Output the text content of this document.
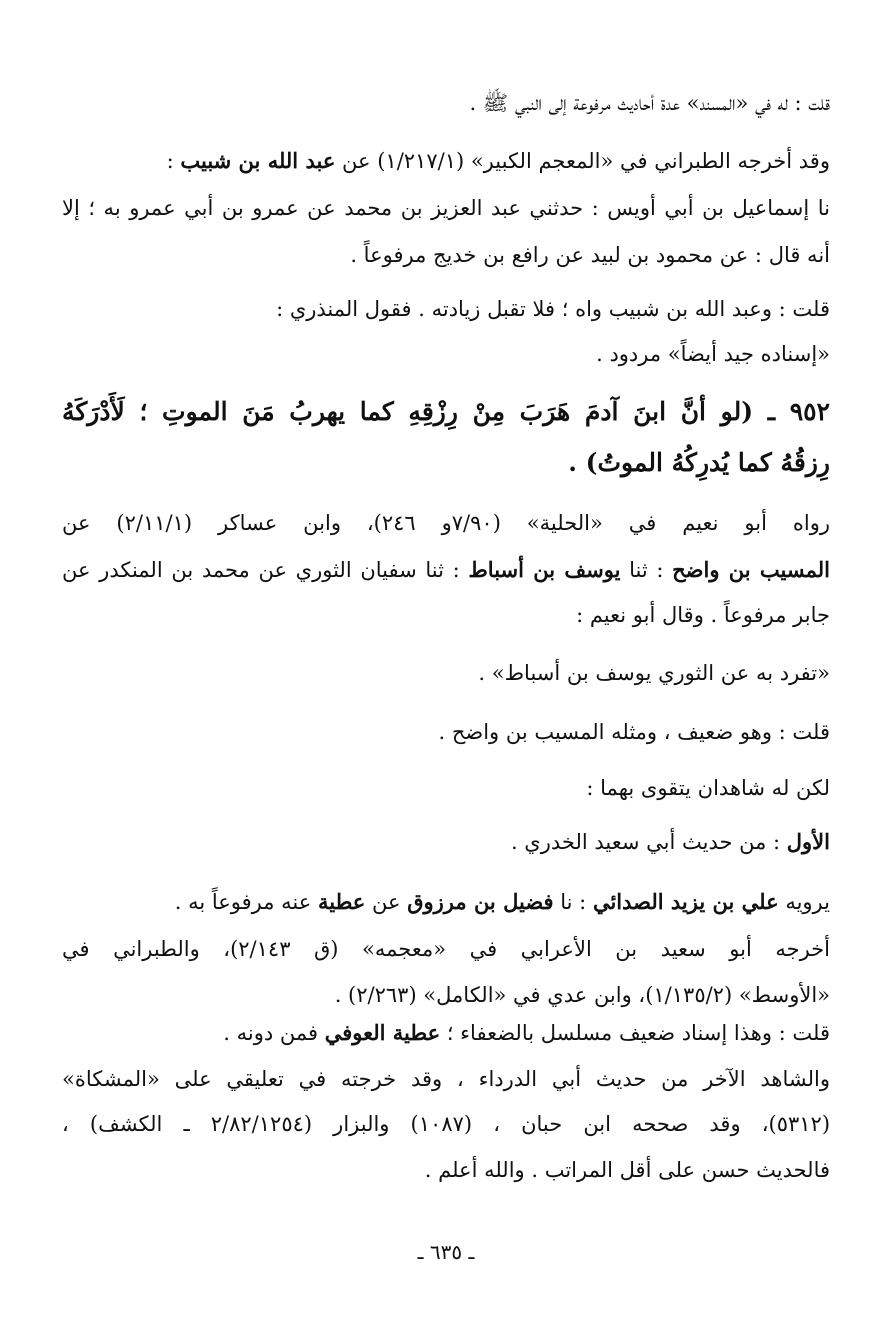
قلت : له في «المسند» عدة أحاديث مرفوعة إلى النبي ﷺ .
وقد أخرجه الطبراني في «المعجم الكبير» (١/٢١٧/١) عن عبد الله بن شبيب :
نا إسماعيل بن أبي أويس : حدثني عبد العزيز بن محمد عن عمرو بن أبي عمرو به ؛ إلا
أنه قال : عن محمود بن لبيد عن رافع بن خديج مرفوعاً .
قلت : وعبد الله بن شبيب واه ؛ فلا تقبل زيادته . فقول المنذري :
«إسناده جيد أيضاً» مردود .
٩٥٢ ـ (لو أنَّ ابنَ آدمَ هَرَبَ مِنْ رِزْقِهِ كما يهربُ مَنَ الموتِ ؛ لَأَدْرَكَهُ
رِزقُهُ كما يُدرِكُهُ الموتُ) .
رواه أبو نعيم في «الحلية» (٧/٩٠و ٢٤٦)، وابن عساكر (٢/١١/١) عن
المسيب بن واضح : ثنا يوسف بن أسباط : ثنا سفيان الثوري عن محمد بن المنكدر عن
جابر مرفوعاً . وقال أبو نعيم :
«تفرد به عن الثوري يوسف بن أسباط» .
قلت : وهو ضعيف ، ومثله المسيب بن واضح .
لكن له شاهدان يتقوى بهما :
الأول : من حديث أبي سعيد الخدري .
يرويه علي بن يزيد الصدائي : نا فضيل بن مرزوق عن عطية عنه مرفوعاً به .
أخرجه أبو سعيد بن الأعرابي في «معجمه» (ق ٢/١٤٣)، والطبراني في
«الأوسط» (١/١٣٥/٢)، وابن عدي في «الكامل» (٢/٢٦٣) .
قلت : وهذا إسناد ضعيف مسلسل بالضعفاء ؛ عطية العوفي فمن دونه .
والشاهد الآخر من حديث أبي الدرداء ، وقد خرجته في تعليقي على «المشكاة»
(٥٣١٢)، وقد صححه ابن حبان ، (١٠٨٧) والبزار (٢/٨٢/١٢٥٤ ـ الكشف) ،
فالحديث حسن على أقل المراتب . والله أعلم .
ـ ٦٣٥ ـ
